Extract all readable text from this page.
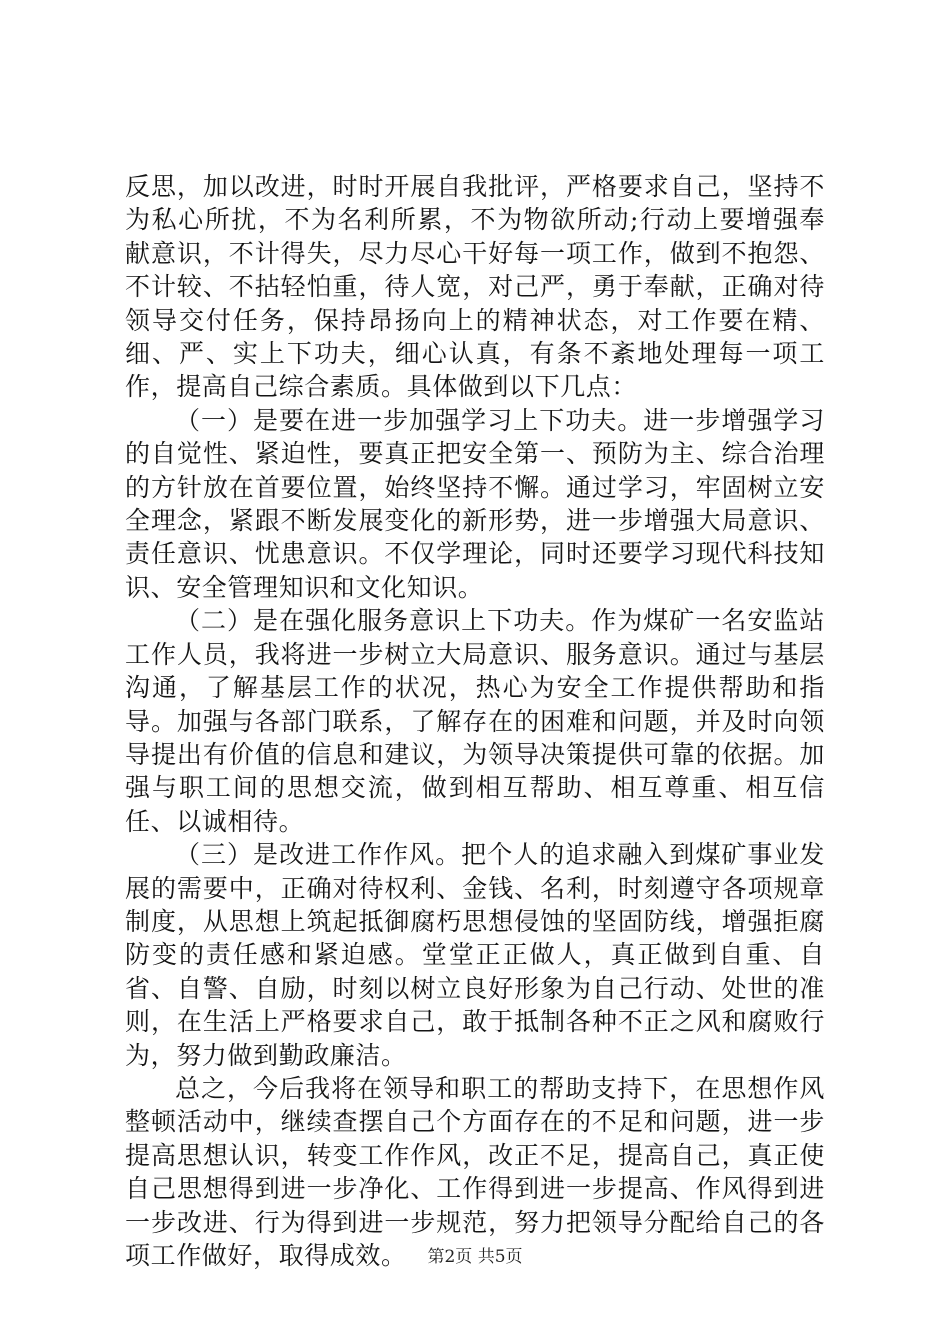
反思，加以改进，时时开展自我批评，严格要求自己，坚持不为私心所扰，不为名利所累，不为物欲所动;行动上要增强奉献意识，不计得失，尽力尽心干好每一项工作，做到不抱怨、不计较、不拈轻怕重，待人宽，对己严，勇于奉献，正确对待领导交付任务，保持昂扬向上的精神状态，对工作要在精、细、严、实上下功夫，细心认真，有条不紊地处理每一项工作，提高自己综合素质。具体做到以下几点：

（一）是要在进一步加强学习上下功夫。进一步增强学习的自觉性、紧迫性，要真正把安全第一、预防为主、综合治理的方针放在首要位置，始终坚持不懈。通过学习，牢固树立安全理念，紧跟不断发展变化的新形势，进一步增强大局意识、责任意识、忧患意识。不仅学理论，同时还要学习现代科技知识、安全管理知识和文化知识。

（二）是在强化服务意识上下功夫。作为煤矿一名安监站工作人员，我将进一步树立大局意识、服务意识。通过与基层沟通，了解基层工作的状况，热心为安全工作提供帮助和指导。加强与各部门联系，了解存在的困难和问题，并及时向领导提出有价值的信息和建议，为领导决策提供可靠的依据。加强与职工间的思想交流，做到相互帮助、相互尊重、相互信任、以诚相待。

（三）是改进工作作风。把个人的追求融入到煤矿事业发展的需要中，正确对待权利、金钱、名利，时刻遵守各项规章制度，从思想上筑起抵御腐朽思想侵蚀的坚固防线，增强拒腐防变的责任感和紧迫感。堂堂正正做人，真正做到自重、自省、自警、自励，时刻以树立良好形象为自己行动、处世的准则，在生活上严格要求自己，敢于抵制各种不正之风和腐败行为，努力做到勤政廉洁。

总之，今后我将在领导和职工的帮助支持下，在思想作风整顿活动中，继续查摆自己个方面存在的不足和问题，进一步提高思想认识，转变工作作风，改正不足，提高自己，真正使自己思想得到进一步净化、工作得到进一步提高、作风得到进一步改进、行为得到进一步规范，努力把领导分配给自己的各项工作做好，取得成效。	第2页 共5页
